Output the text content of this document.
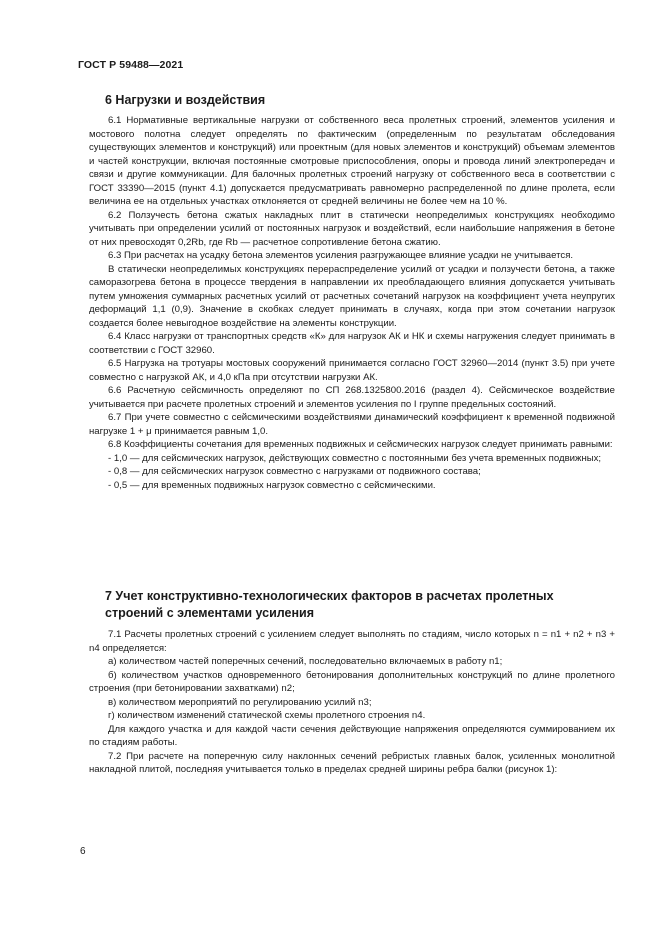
ГОСТ Р 59488—2021
6 Нагрузки и воздействия

6.1 Нормативные вертикальные нагрузки от собственного веса пролетных строений, элементов усиления и мостового полотна следует определять по фактическим (определенным по результатам обследования существующих элементов и конструкций) или проектным (для новых элементов и конструкций) объемам элементов и частей конструкции, включая постоянные смотровые приспособления, опоры и провода линий электропередач и связи и другие коммуникации. Для балочных пролетных строений нагрузку от собственного веса в соответствии с ГОСТ 33390—2015 (пункт 4.1) допускается предусматривать равномерно распределенной по длине пролета, если величина ее на отдельных участках отклоняется от средней величины не более чем на 10 %.

6.2 Ползучесть бетона сжатых накладных плит в статически неопределимых конструкциях необходимо учитывать при определении усилий от постоянных нагрузок и воздействий, если наибольшие напряжения в бетоне от них превосходят 0,2Rb, где Rb — расчетное сопротивление бетона сжатию.

6.3 При расчетах на усадку бетона элементов усиления разгружающее влияние усадки не учитывается.

В статически неопределимых конструкциях перераспределение усилий от усадки и ползучести бетона, а также саморазогрева бетона в процессе твердения в направлении их преобладающего влияния допускается учитывать путем умножения суммарных расчетных усилий от расчетных сочетаний нагрузок на коэффициент учета неупругих деформаций 1,1 (0,9). Значение в скобках следует принимать в случаях, когда при этом сочетании нагрузок создается более невыгодное воздействие на элементы конструкции.

6.4 Класс нагрузки от транспортных средств «К» для нагрузок АК и НК и схемы нагружения следует принимать в соответствии с ГОСТ 32960.

6.5 Нагрузка на тротуары мостовых сооружений принимается согласно ГОСТ 32960—2014 (пункт 3.5) при учете совместно с нагрузкой АК, и 4,0 кПа при отсутствии нагрузки АК.

6.6 Расчетную сейсмичность определяют по СП 268.1325800.2016 (раздел 4). Сейсмическое воздействие учитывается при расчете пролетных строений и элементов усиления по I группе предельных состояний.

6.7 При учете совместно с сейсмическими воздействиями динамический коэффициент к временной подвижной нагрузке 1 + μ принимается равным 1,0.

6.8 Коэффициенты сочетания для временных подвижных и сейсмических нагрузок следует принимать равными:

- 1,0 — для сейсмических нагрузок, действующих совместно с постоянными без учета временных подвижных;

- 0,8 — для сейсмических нагрузок совместно с нагрузками от подвижного состава;

- 0,5 — для временных подвижных нагрузок совместно с сейсмическими.

7 Учет конструктивно-технологических факторов в расчетах пролетных
строений с элементами усиления

7.1 Расчеты пролетных строений с усилением следует выполнять по стадиям, число которых n = n1 + n2 + n3 + n4 определяется:

а) количеством частей поперечных сечений, последовательно включаемых в работу n1;

б) количеством участков одновременного бетонирования дополнительных конструкций по длине пролетного строения (при бетонировании захватками) n2;

в) количеством мероприятий по регулированию усилий n3;

г) количеством изменений статической схемы пролетного строения n4.

Для каждого участка и для каждой части сечения действующие напряжения определяются суммированием их по стадиям работы.

7.2 При расчете на поперечную силу наклонных сечений ребристых главных балок, усиленных монолитной накладной плитой, последняя учитывается только в пределах средней ширины ребра балки (рисунок 1):

6
